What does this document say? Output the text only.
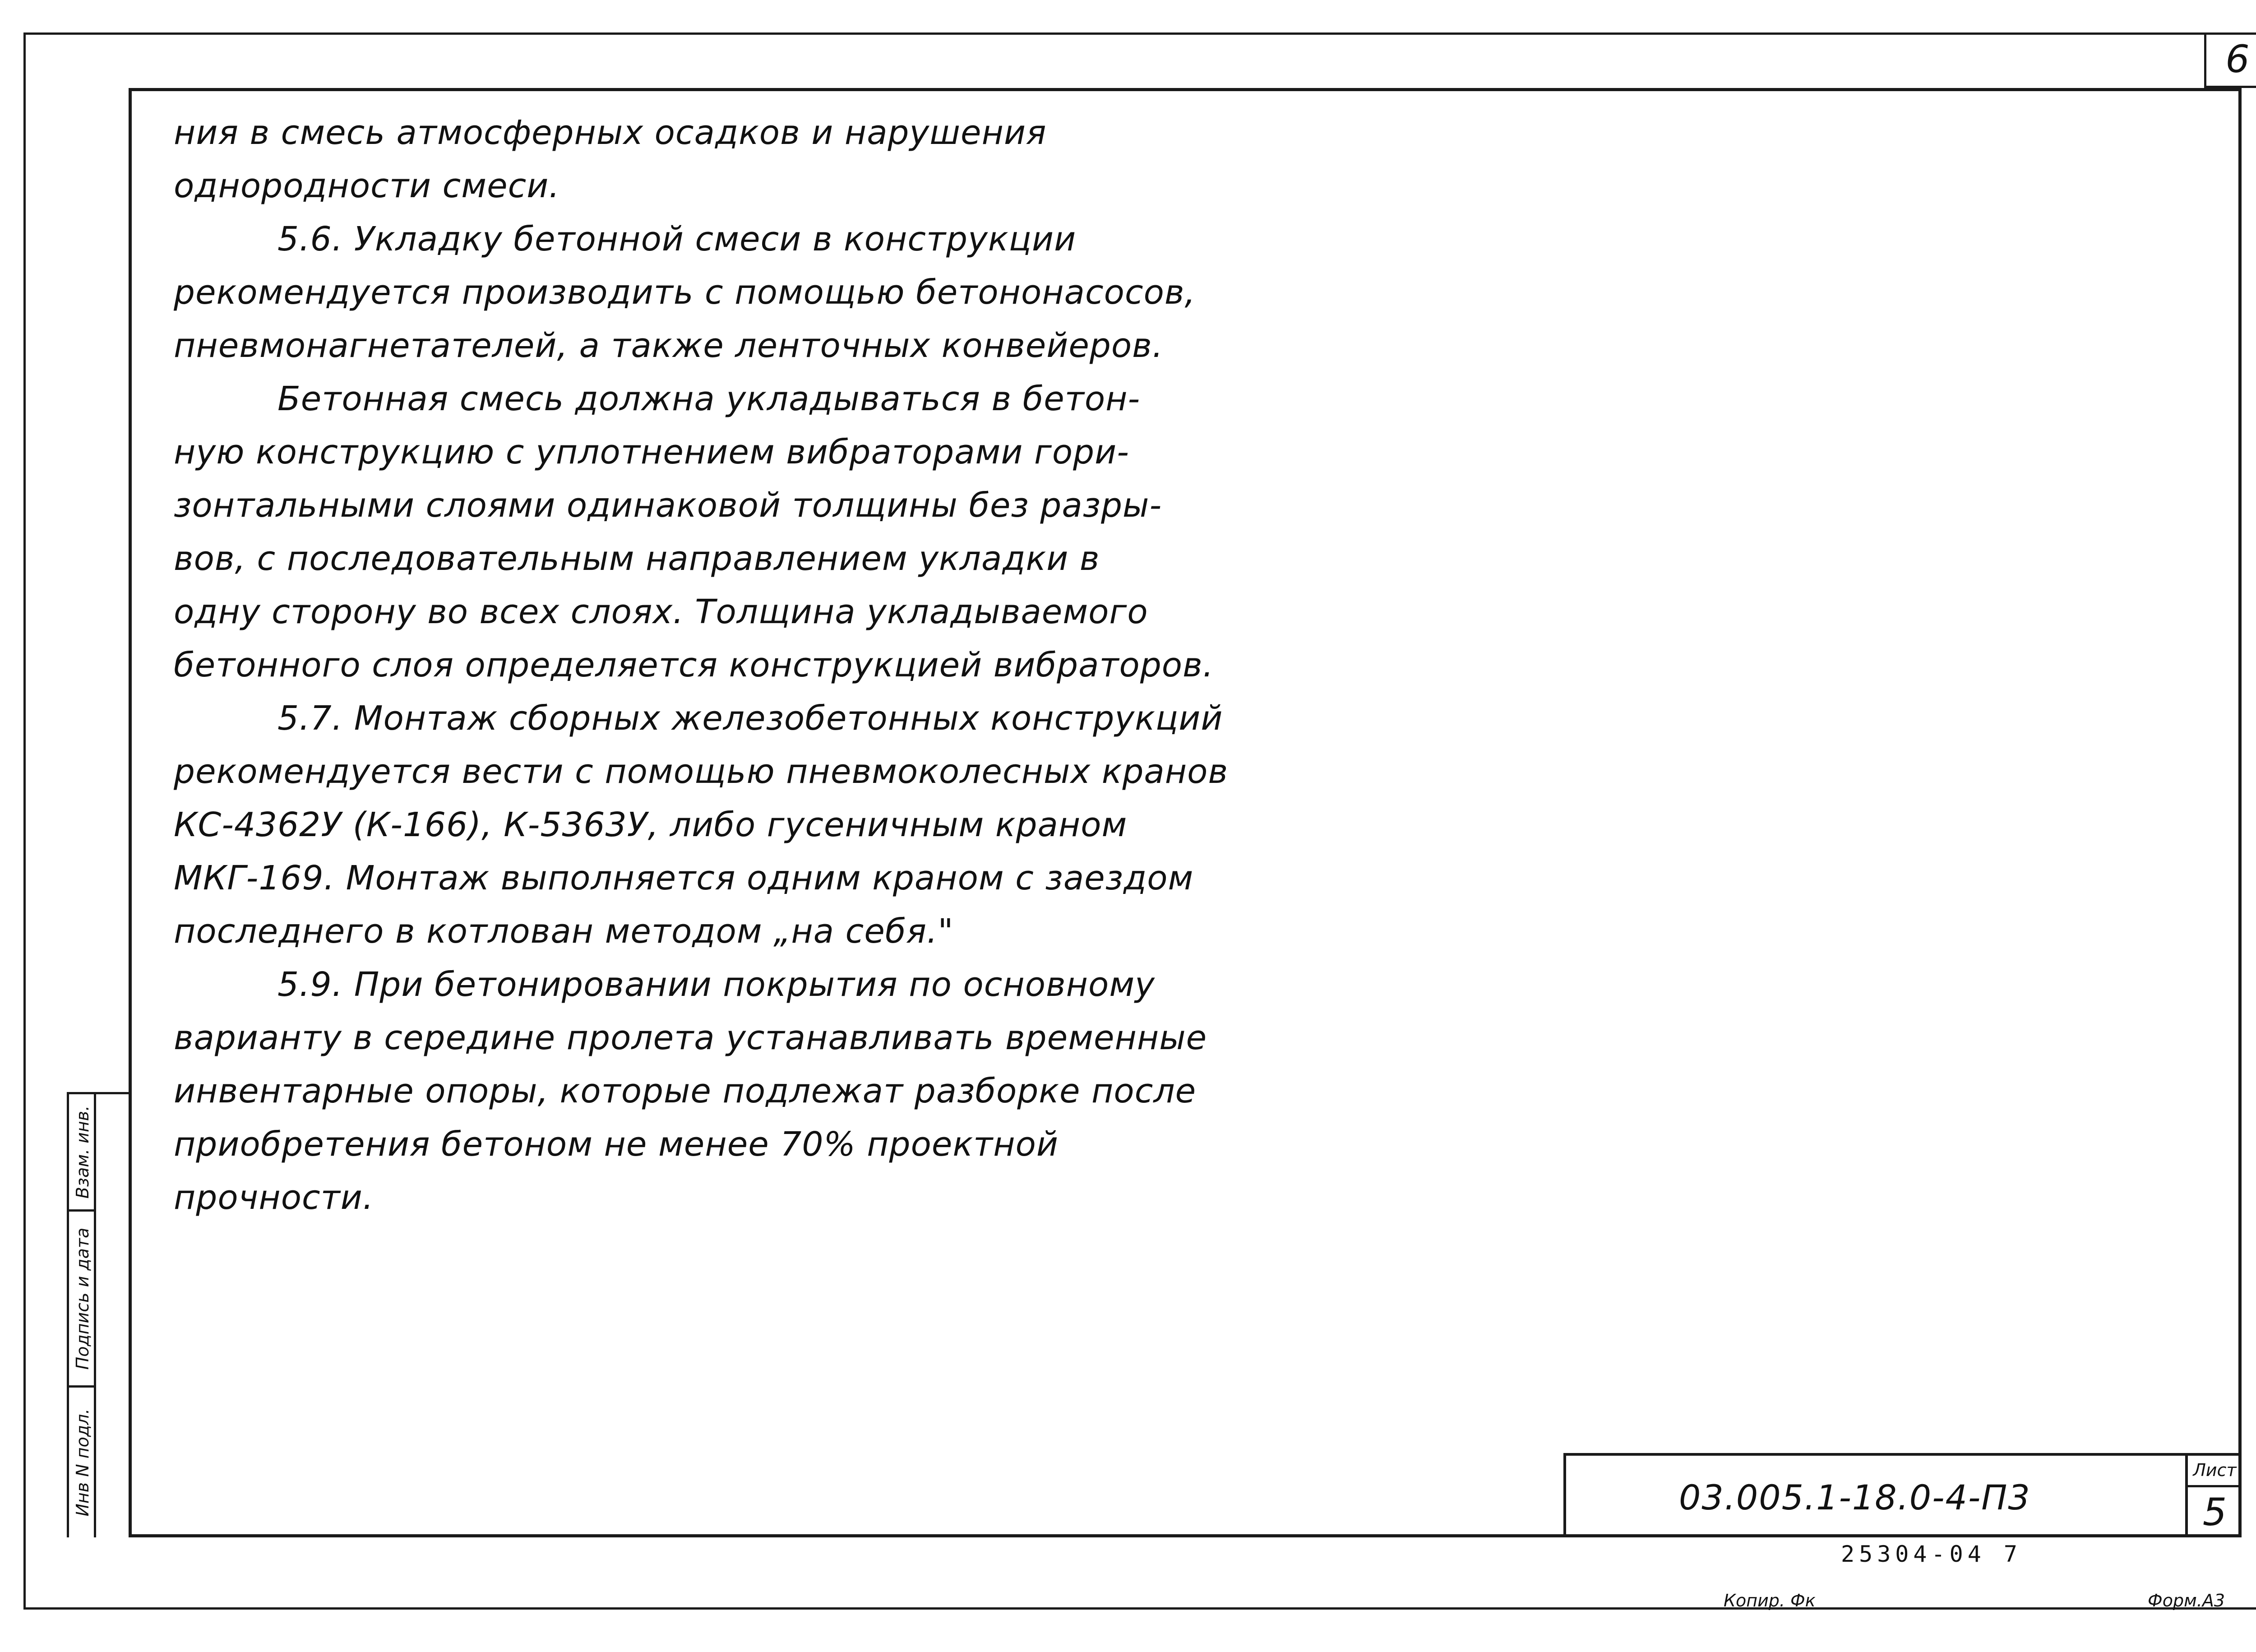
6
ния в смесь атмосферных осадков и нарушения
однородности смеси.
5.6. Укладку бетонной смеси в конструкции
рекомендуется производить с помощью бетононасосов,
пневмонагнетателей, а также ленточных конвейеров.
Бетонная смесь должна укладываться в бетон-
ную конструкцию с уплотнением вибраторами гори-
зонтальными слоями одинаковой толщины без разры-
вов, с последовательным направлением укладки в
одну сторону во всех слоях. Толщина укладываемого
бетонного слоя определяется конструкцией вибраторов.
5.7. Монтаж сборных железобетонных конструкций
рекомендуется вести с помощью пневмоколесных кранов
КС-4362У (К-166), К-5363У, либо гусеничным краном
МКГ-169. Монтаж выполняется одним краном с заездом
последнего в котлован методом „на себя."
5.9. При бетонировании покрытия по основному
варианту в середине пролета устанавливать временные
инвентарные опоры, которые подлежат разборке после
приобретения бетоном не менее 70% проектной
прочности.
Взам. инв.
Подпись и дата
Инв N подл.	03.005.1-18.0-4-П3
Лист
5
25304-04 7
Копир. Фк	Форм.А3
